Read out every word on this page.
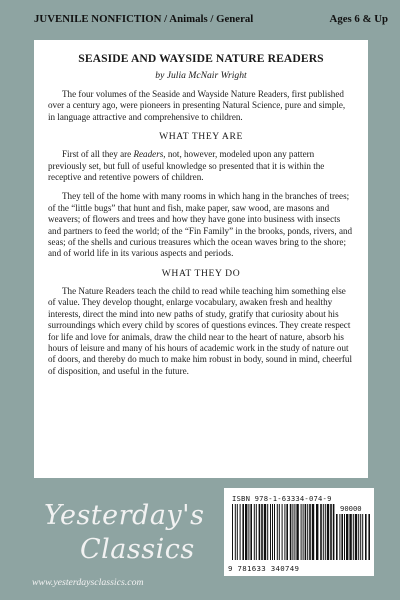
JUVENILE NONFICTION / Animals / General	Ages 6 & Up
SEASIDE AND WAYSIDE NATURE READERS
by Julia McNair Wright

The four volumes of the Seaside and Wayside Nature Readers, first published over a century ago, were pioneers in presenting Natural Science, pure and simple, in language attractive and comprehensive to children.

WHAT THEY ARE

First of all they are Readers, not, however, modeled upon any pattern previously set, but full of useful knowledge so presented that it is within the receptive and retentive powers of children.

They tell of the home with many rooms in which hang in the branches of trees; of the “little bugs” that hunt and fish, make paper, saw wood, are masons and weavers; of flowers and trees and how they have gone into business with insects and partners to feed the world; of the “Fin Family” in the brooks, ponds, rivers, and seas; of the shells and curious treasures which the ocean waves bring to the shore; and of world life in its various aspects and periods.

WHAT THEY DO

The Nature Readers teach the child to read while teaching him something else of value. They develop thought, enlarge vocabulary, awaken fresh and healthy interests, direct the mind into new paths of study, gratify that curiosity about his surroundings which every child by scores of questions evinces. They create respect for life and love for animals, draw the child near to the heart of nature, absorb his hours of leisure and many of his hours of academic work in the study of nature out of doors, and thereby do much to make him robust in body, sound in mind, cheerful of disposition, and useful in the future.

Yesterday's
Classics
www.yesterdaysclassics.com
ISBN 978-1-63334-074-9
90000
9 781633 340749
